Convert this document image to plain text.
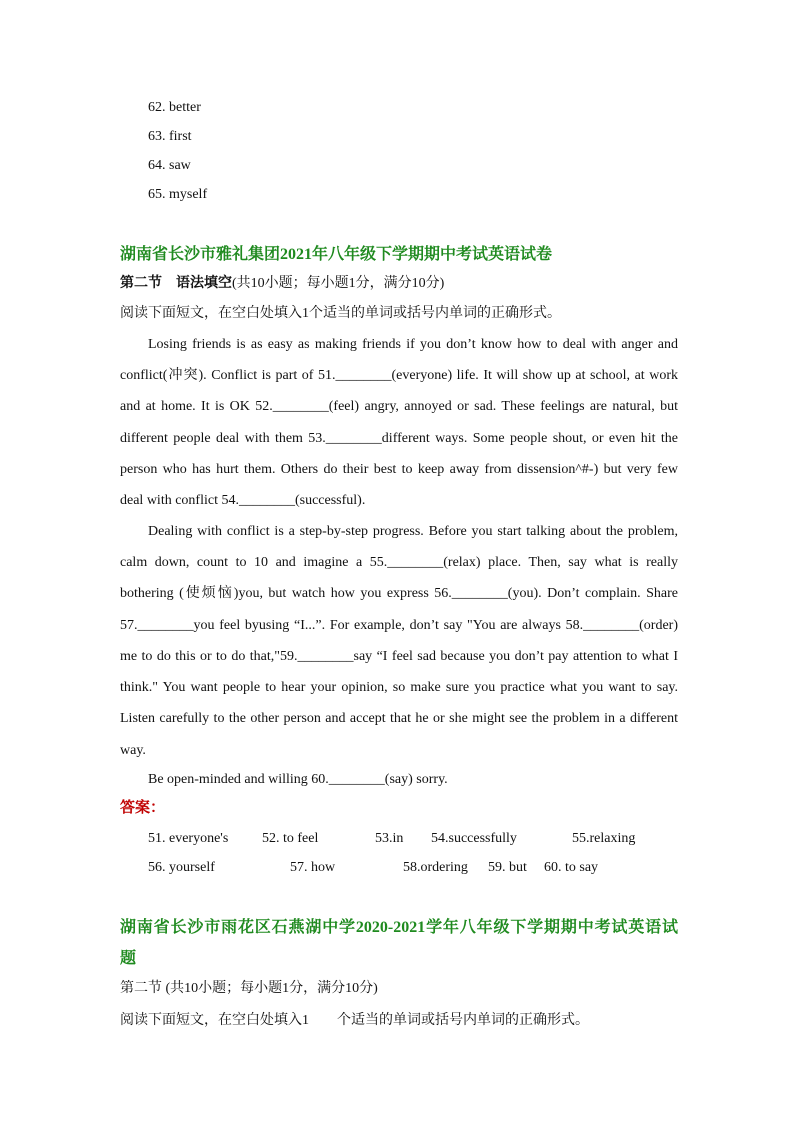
62. better
63. first
64. saw
65. myself
湖南省长沙市雅礼集团2021年八年级下学期期中考试英语试卷
第二节　语法填空(共10小题；每小题1分，满分10分)
阅读下面短文，在空白处填入1个适当的单词或括号内单词的正确形式。
Losing friends is as easy as making friends if you don’t know how to deal with anger and
conflict(冲突). Conflict is part of 51.________(everyone) life. It will show up at school, at work
and at home. It is OK 52.________(feel) angry, annoyed or sad. These feelings are natural, but
different people deal with them 53.________different ways. Some people shout, or even hit the
person who has hurt them. Others do their best to keep away from dissension^#-) but very few
deal with conflict 54.________(successful).
Dealing with conflict is a step-by-step progress. Before you start talking about the problem,
calm down, count to 10 and imagine a 55.________(relax) place. Then, say what is really
bothering (使烦恼)you, but watch how you express 56.________(you). Don’t complain. Share
57.________you feel byusing “I...”. For example, don’t say "You are always 58.________(order)
me to do this or to do that,"59.________say “I feel sad because you don’t pay attention to what I
think." You want people to hear your opinion, so make sure you practice what you want to say.
Listen carefully to the other person and accept that he or she might see the problem in a different
way.
Be open-minded and willing 60.________(say) sorry.
答案：
51. everyone's 52. to feel	53.in 54.successfully	55.relaxing
56. yourself	57. how	58.ordering 59. but 60. to say
湖南省长沙市雨花区石燕湖中学2020-2021学年八年级下学期期中考试英语试
题
第二节 (共10小题；每小题1分，满分10分)
阅读下面短文，在空白处填入1　　个适当的单词或括号内单词的正确形式。
